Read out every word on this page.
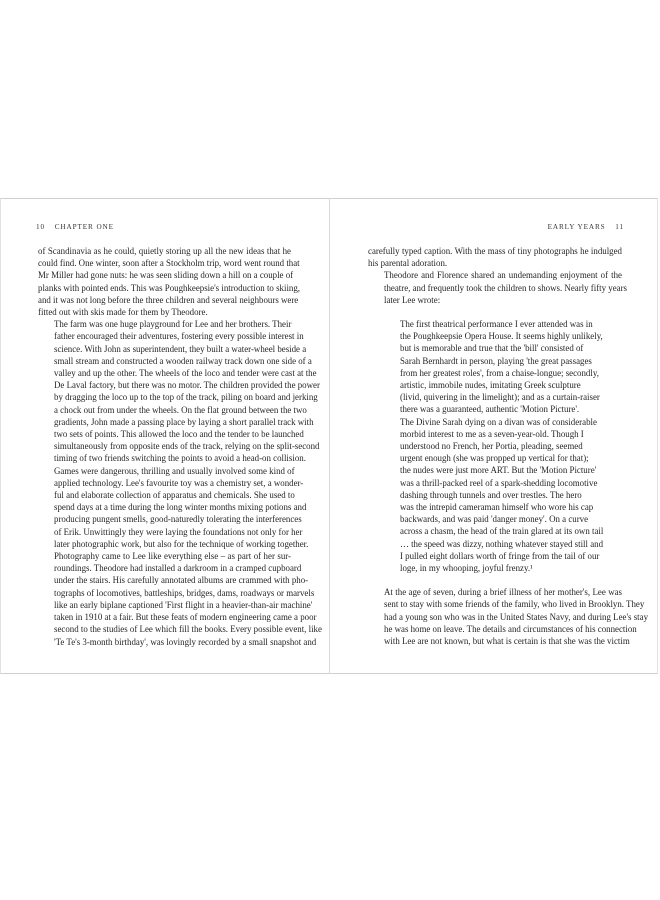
10 CHAPTER ONE

of Scandinavia as he could, quietly storing up all the new ideas that he
could find. One winter, soon after a Stockholm trip, word went round that
Mr Miller had gone nuts: he was seen sliding down a hill on a couple of
planks with pointed ends. This was Poughkeepsie's introduction to skiing,
and it was not long before the three children and several neighbours were
fitted out with skis made for them by Theodore.

The farm was one huge playground for Lee and her brothers. Their
father encouraged their adventures, fostering every possible interest in
science. With John as superintendent, they built a water-wheel beside a
small stream and constructed a wooden railway track down one side of a
valley and up the other. The wheels of the loco and tender were cast at the
De Laval factory, but there was no motor. The children provided the power
by dragging the loco up to the top of the track, piling on board and jerking
a chock out from under the wheels. On the flat ground between the two
gradients, John made a passing place by laying a short parallel track with
two sets of points. This allowed the loco and the tender to be launched
simultaneously from opposite ends of the track, relying on the split-second
timing of two friends switching the points to avoid a head-on collision.

Games were dangerous, thrilling and usually involved some kind of
applied technology. Lee's favourite toy was a chemistry set, a wonder-
ful and elaborate collection of apparatus and chemicals. She used to
spend days at a time during the long winter months mixing potions and
producing pungent smells, good-naturedly tolerating the interferences
of Erik. Unwittingly they were laying the foundations not only for her
later photographic work, but also for the technique of working together.

Photography came to Lee like everything else – as part of her sur-
roundings. Theodore had installed a darkroom in a cramped cupboard
under the stairs. His carefully annotated albums are crammed with pho-
tographs of locomotives, battleships, bridges, dams, roadways or marvels
like an early biplane captioned 'First flight in a heavier-than-air machine'
taken in 1910 at a fair. But these feats of modern engineering came a poor
second to the studies of Lee which fill the books. Every possible event, like
'Te Te's 3-month birthday', was lovingly recorded by a small snapshot and

EARLY YEARS 11

carefully typed caption. With the mass of tiny photographs he indulged
his parental adoration.

Theodore and Florence shared an undemanding enjoyment of the
theatre, and frequently took the children to shows. Nearly fifty years
later Lee wrote:

The first theatrical performance I ever attended was in
the Poughkeepsie Opera House. It seems highly unlikely,
but is memorable and true that the 'bill' consisted of
Sarah Bernhardt in person, playing 'the great passages
from her greatest roles', from a chaise-longue; secondly,
artistic, immobile nudes, imitating Greek sculpture
(livid, quivering in the limelight); and as a curtain-raiser
there was a guaranteed, authentic 'Motion Picture'.
The Divine Sarah dying on a divan was of considerable
morbid interest to me as a seven-year-old. Though I
understood no French, her Portia, pleading, seemed
urgent enough (she was propped up vertical for that);
the nudes were just more ART. But the 'Motion Picture'
was a thrill-packed reel of a spark-shedding locomotive
dashing through tunnels and over trestles. The hero
was the intrepid cameraman himself who wore his cap
backwards, and was paid 'danger money'. On a curve
across a chasm, the head of the train glared at its own tail
… the speed was dizzy, nothing whatever stayed still and
I pulled eight dollars worth of fringe from the tail of our
loge, in my whooping, joyful frenzy.¹

At the age of seven, during a brief illness of her mother's, Lee was
sent to stay with some friends of the family, who lived in Brooklyn. They
had a young son who was in the United States Navy, and during Lee's stay
he was home on leave. The details and circumstances of his connection
with Lee are not known, but what is certain is that she was the victim
